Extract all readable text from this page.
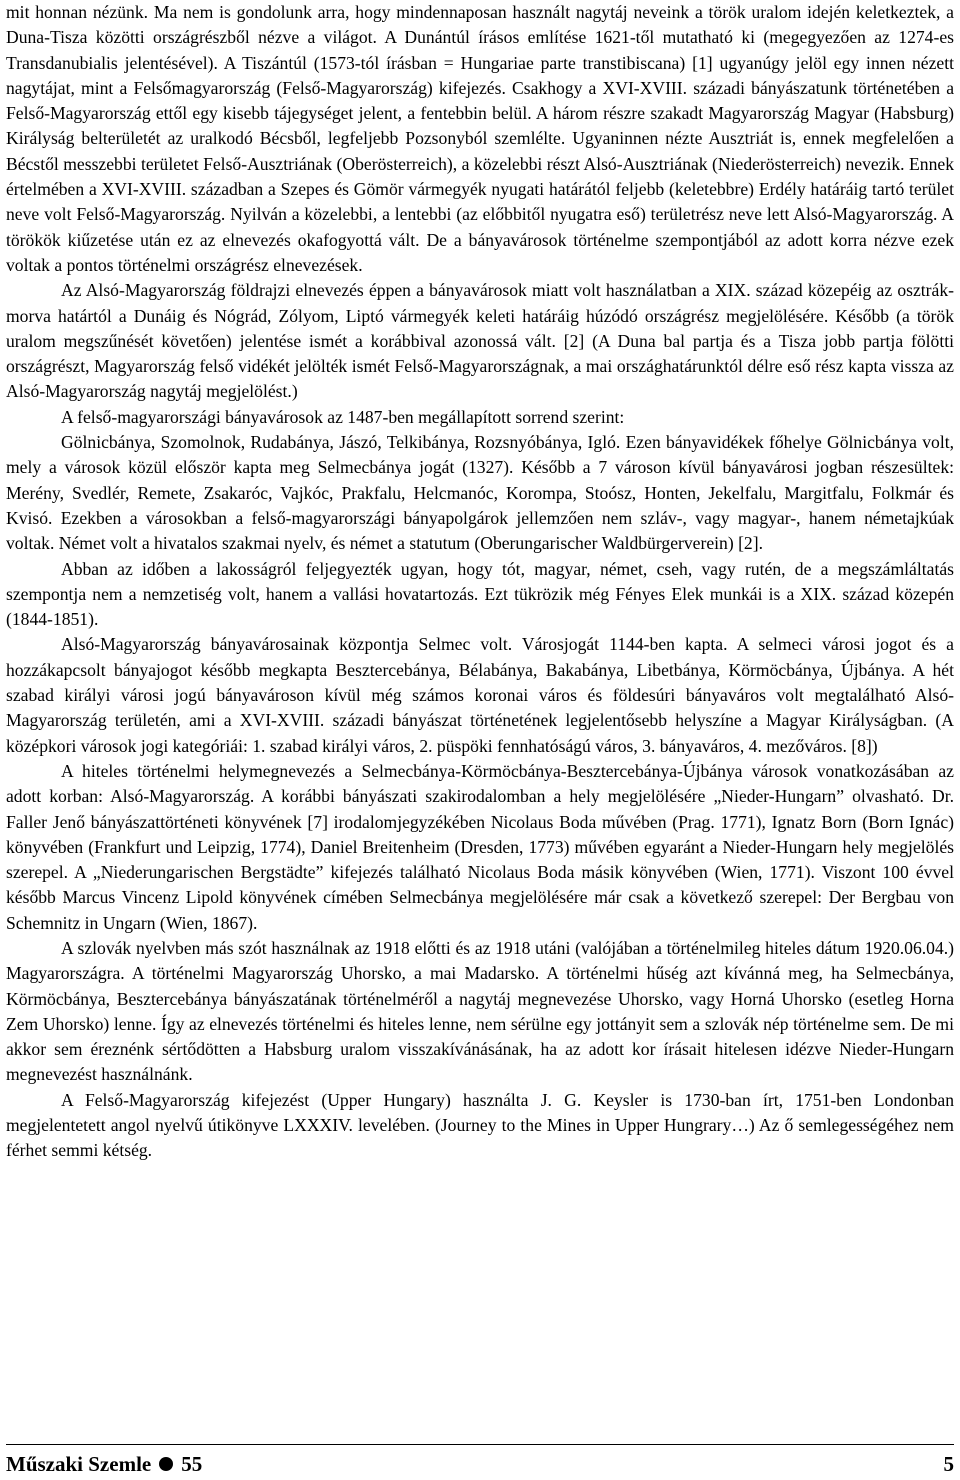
mit honnan nézünk. Ma nem is gondolunk arra, hogy mindennaposan használt nagytáj neveink a török uralom idején keletkeztek, a Duna-Tisza közötti országrészből nézve a világot. A Dunántúl írásos említése 1621-től mutatható ki (megegyezően az 1274-es Transdanubialis jelentésével). A Tiszántúl (1573-tól írásban = Hungariae parte transtibiscana) [1] ugyanúgy jelöl egy innen nézett nagytájat, mint a Felsőmagyarország (Felső-Magyarország) kifejezés. Csakhogy a XVI-XVIII. századi bányászatunk történetében a Felső-Magyarország ettől egy kisebb tájegységet jelent, a fentebbin belül. A három részre szakadt Magyarország Magyar (Habsburg) Királyság belterületét az uralkodó Bécsből, legfeljebb Pozsonyból szemlélte. Ugyaninnen nézte Ausztriát is, ennek megfelelően a Bécstől messzebbi területet Felső-Ausztriának (Oberösterreich), a közelebbi részt Alsó-Ausztriának (Niederösterreich) nevezik. Ennek értelmében a XVI-XVIII. században a Szepes és Gömör vármegyék nyugati határától feljebb (keletebbre) Erdély határáig tartó terület neve volt Felső-Magyarország. Nyilván a közelebbi, a lentebbi (az előbbitől nyugatra eső) területrész neve lett Alsó-Magyarország. A törökök kiűzetése után ez az elnevezés okafogyottá vált. De a bányavárosok történelme szempontjából az adott korra nézve ezek voltak a pontos történelmi országrész elnevezések.

Az Alsó-Magyarország földrajzi elnevezés éppen a bányavárosok miatt volt használatban a XIX. század közepéig az osztrák-morva határtól a Dunáig és Nógrád, Zólyom, Liptó vármegyék keleti határáig húzódó országrész megjelölésére. Később (a török uralom megszűnését követően) jelentése ismét a korábbival azonossá vált. [2] (A Duna bal partja és a Tisza jobb partja fölötti országrészt, Magyarország felső vidékét jelölték ismét Felső-Magyarországnak, a mai országhatárunktól délre eső rész kapta vissza az Alsó-Magyarország nagytáj megjelölést.)

A felső-magyarországi bányavárosok az 1487-ben megállapított sorrend szerint:

Gölnicbánya, Szomolnok, Rudabánya, Jászó, Telkibánya, Rozsnyóbánya, Igló. Ezen bányavidékek főhelye Gölnicbánya volt, mely a városok közül először kapta meg Selmecbánya jogát (1327). Később a 7 városon kívül bányavárosi jogban részesültek: Merény, Svedlér, Remete, Zsakaróc, Vajkóc, Prakfalu, Helcmanóc, Korompa, Stoósz, Honten, Jekelfalu, Margitfalu, Folkmár és Kvisó. Ezekben a városokban a felső-magyarországi bányapolgárok jellemzően nem szláv-, vagy magyar-, hanem németajkúak voltak. Német volt a hivatalos szakmai nyelv, és német a statutum (Oberungarischer Waldbürgerverein) [2].

Abban az időben a lakosságról feljegyezték ugyan, hogy tót, magyar, német, cseh, vagy rutén, de a megszámláltatás szempontja nem a nemzetiség volt, hanem a vallási hovatartozás. Ezt tükrözik még Fényes Elek munkái is a XIX. század közepén (1844-1851).

Alsó-Magyarország bányavárosainak központja Selmec volt. Városjogát 1144-ben kapta. A selmeci városi jogot és a hozzákapcsolt bányajogot később megkapta Besztercebánya, Bélabánya, Bakabánya, Libetbánya, Körmöcbánya, Újbánya. A hét szabad királyi városi jogú bányavároson kívül még számos koronai város és földesúri bányaváros volt megtalálható Alsó-Magyarország területén, ami a XVI-XVIII. századi bányászat történetének legjelentősebb helyszíne a Magyar Királyságban. (A középkori városok jogi kategóriái: 1. szabad királyi város, 2. püspöki fennhatóságú város, 3. bányaváros, 4. mezőváros. [8])

A hiteles történelmi helymegnevezés a Selmecbánya-Körmöcbánya-Besztercebánya-Újbánya városok vonatkozásában az adott korban: Alsó-Magyarország. A korábbi bányászati szakirodalomban a hely megjelölésére „Nieder-Hungarn” olvasható. Dr. Faller Jenő bányászattörténeti könyvének [7] irodalomjegyzékében Nicolaus Boda művében (Prag. 1771), Ignatz Born (Born Ignác) könyvében (Frankfurt und Leipzig, 1774), Daniel Breitenheim (Dresden, 1773) művében egyaránt a Nieder-Hungarn hely megjelölés szerepel. A „Niederungarischen Bergstädte” kifejezés található Nicolaus Boda másik könyvében (Wien, 1771). Viszont 100 évvel később Marcus Vincenz Lipold könyvének címében Selmecbánya megjelölésére már csak a következő szerepel: Der Bergbau von Schemnitz in Ungarn (Wien, 1867).

A szlovák nyelvben más szót használnak az 1918 előtti és az 1918 utáni (valójában a történelmileg hiteles dátum 1920.06.04.) Magyarországra. A történelmi Magyarország Uhorsko, a mai Madarsko. A történelmi hűség azt kívánná meg, ha Selmecbánya, Körmöcbánya, Besztercebánya bányászatának történelméről a nagytáj megnevezése Uhorsko, vagy Horná Uhorsko (esetleg Horna Zem Uhorsko) lenne. Így az elnevezés történelmi és hiteles lenne, nem sérülne egy jottányit sem a szlovák nép történelme sem. De mi akkor sem éreznénk sértődötten a Habsburg uralom visszakívánásának, ha az adott kor írásait hitelesen idézve Nieder-Hungarn megnevezést használnánk.

A Felső-Magyarország kifejezést (Upper Hungary) használta J. G. Keysler is 1730-ban írt, 1751-ben Londonban megjelentetett angol nyelvű útikönyve LXXXIV. levelében. (Journey to the Mines in Upper Hungrary…) Az ő semlegességéhez nem férhet semmi kétség.

Műszaki Szemle 55	5
